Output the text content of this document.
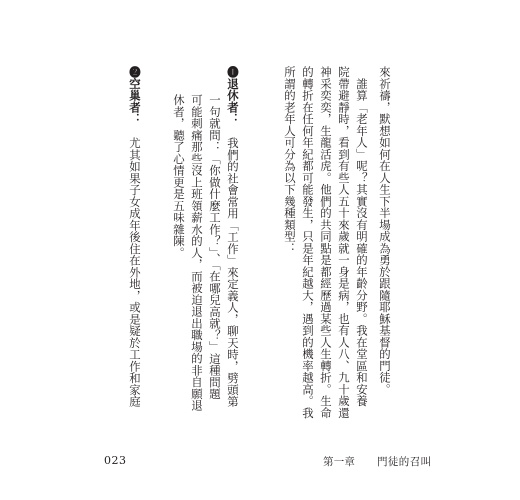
來祈禱，默想如何在人生下半場成為勇於跟隨耶穌基督的門徒。
　誰算「老年人」呢？其實沒有明確的年齡分野。我在堂區和安養
院帶避靜時，看到有些人五十來歲就一身是病，也有人八、九十歲還
神采奕奕，生龍活虎。他們的共同點是都經歷過某些人生轉折。生命
的轉折在任何年紀都可能發生，只是年紀越大，遇到的機率越高。我
所謂的老年人可分為以下幾種類型：
❶退休者：
我們的社會常用「工作」來定義人，聊天時，劈頭第
一句就問：「你做什麼工作？」、「在哪兒高就？」這種問題
可能刺痛那些沒上班領薪水的人，而被迫退出職場的非自願退
休者，聽了心情更是五味雜陳。
❷空巢者：
尤其如果子女成年後住在外地，或是疑於工作和家庭
023	第一章 門徒的召叫
